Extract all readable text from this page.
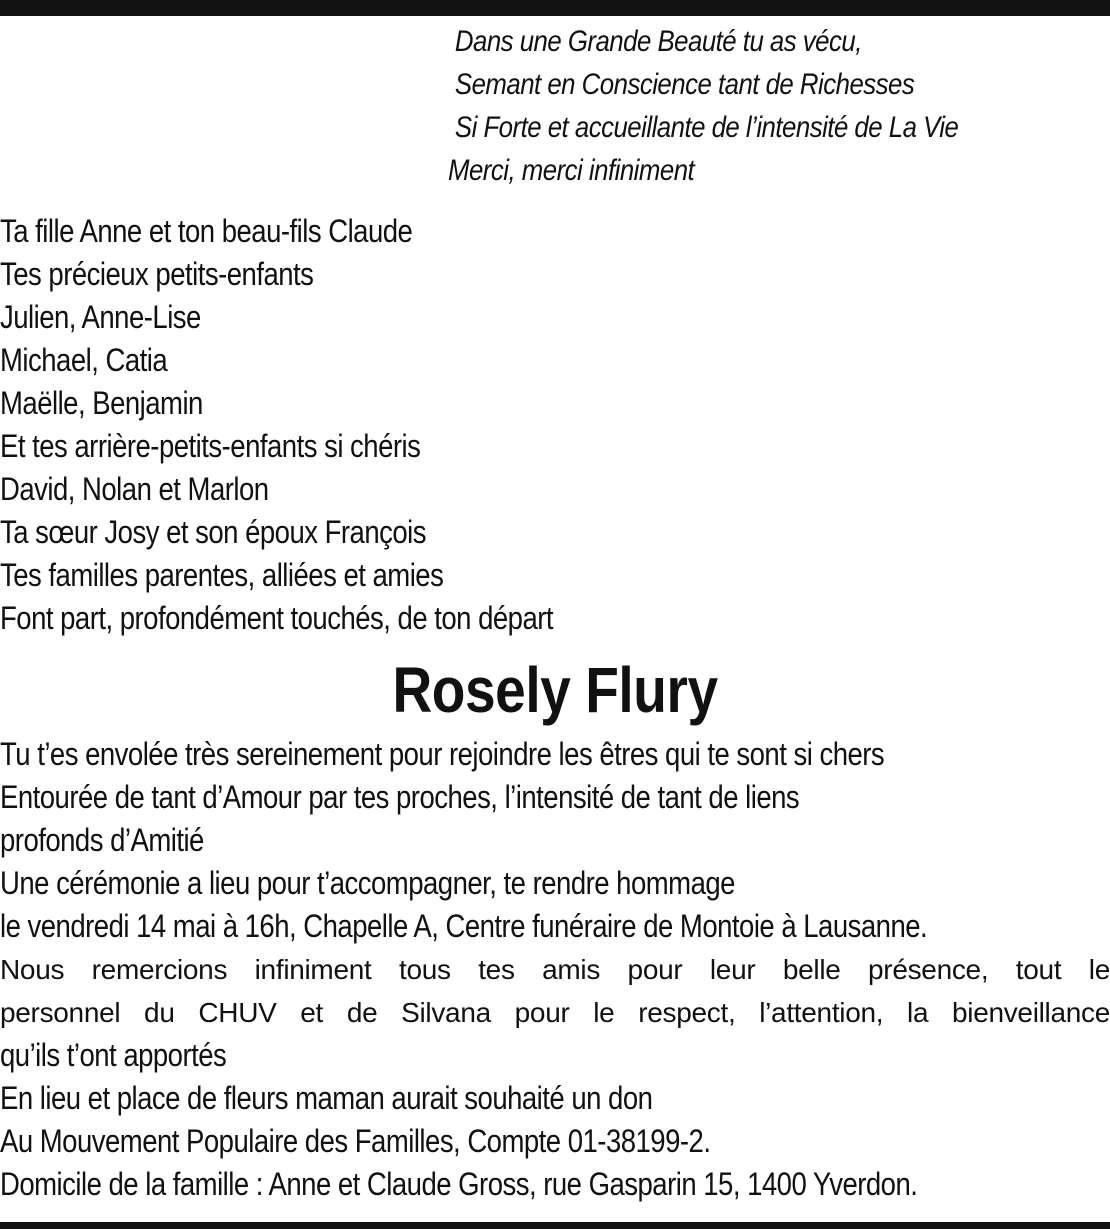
Dans une Grande Beauté tu as vécu,
Semant en Conscience tant de Richesses
Si Forte et accueillante de l’intensité de La Vie
Merci, merci infiniment
Ta fille Anne et ton beau-fils Claude
Tes précieux petits-enfants
Julien, Anne-Lise
Michael, Catia
Maëlle, Benjamin
Et tes arrière-petits-enfants si chéris
David, Nolan et Marlon
Ta sœur Josy et son époux François
Tes familles parentes, alliées et amies
Font part, profondément touchés, de ton départ
Rosely Flury
Tu t’es envolée très sereinement pour rejoindre les êtres qui te sont si chers
Entourée de tant d’Amour par tes proches, l’intensité de tant de liens
profonds d’Amitié
Une cérémonie a lieu pour t’accompagner, te rendre hommage
le vendredi 14 mai à 16h, Chapelle A, Centre funéraire de Montoie à Lausanne.
Nous remercions infiniment tous tes amis pour leur belle présence, tout le
personnel du CHUV et de Silvana pour le respect, l’attention, la bienveillance
qu’ils t’ont apportés
En lieu et place de fleurs maman aurait souhaité un don
Au Mouvement Populaire des Familles, Compte 01-38199-2.
Domicile de la famille : Anne et Claude Gross, rue Gasparin 15, 1400 Yverdon.
